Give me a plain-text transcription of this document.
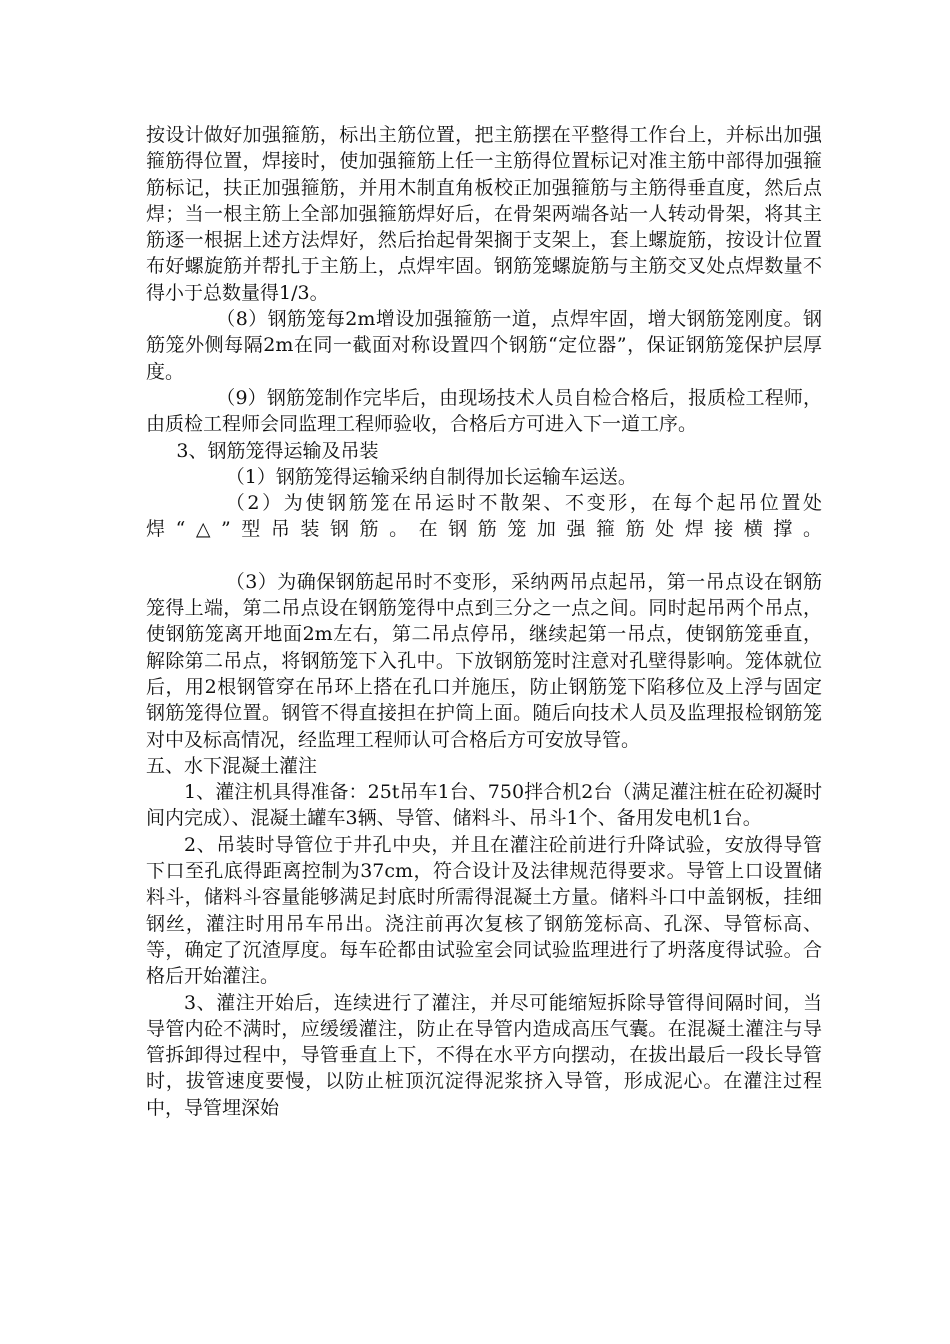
按设计做好加强箍筋，标出主筋位置，把主筋摆在平整得工作台上，并标出加强箍筋得位置，焊接时，使加强箍筋上任一主筋得位置标记对准主筋中部得加强箍筋标记，扶正加强箍筋，并用木制直角板校正加强箍筋与主筋得垂直度，然后点焊；当一根主筋上全部加强箍筋焊好后，在骨架两端各站一人转动骨架，将其主筋逐一根据上述方法焊好，然后抬起骨架搁于支架上，套上螺旋筋，按设计位置布好螺旋筋并帮扎于主筋上，点焊牢固。钢筋笼螺旋筋与主筋交叉处点焊数量不得小于总数量得1/3。

（8）钢筋笼每2m增设加强箍筋一道，点焊牢固，增大钢筋笼刚度。钢筋笼外侧每隔2m在同一截面对称设置四个钢筋“定位器”，保证钢筋笼保护层厚度。

（9）钢筋笼制作完毕后，由现场技术人员自检合格后，报质检工程师，由质检工程师会同监理工程师验收，合格后方可进入下一道工序。

3、钢筋笼得运输及吊装

（1）钢筋笼得运输采纳自制得加长运输车运送。

（2）为使钢筋笼在吊运时不散架、不变形，在每个起吊位置处焊“△”型吊装钢筋。在钢筋笼加强箍筋处焊接横撑。

（3）为确保钢筋起吊时不变形，采纳两吊点起吊，第一吊点设在钢筋笼得上端，第二吊点设在钢筋笼得中点到三分之一点之间。同时起吊两个吊点，使钢筋笼离开地面2m左右，第二吊点停吊，继续起第一吊点，使钢筋笼垂直，解除第二吊点，将钢筋笼下入孔中。下放钢筋笼时注意对孔壁得影响。笼体就位后，用2根钢管穿在吊环上搭在孔口并施压，防止钢筋笼下陷移位及上浮与固定钢筋笼得位置。钢管不得直接担在护筒上面。随后向技术人员及监理报检钢筋笼对中及标高情况，经监理工程师认可合格后方可安放导管。

五、水下混凝土灌注

1、灌注机具得准备：25t吊车1台、750拌合机2台（满足灌注桩在砼初凝时间内完成）、混凝土罐车3辆、导管、储料斗、吊斗1个、备用发电机1台。

2、吊装时导管位于井孔中央，并且在灌注砼前进行升降试验，安放得导管下口至孔底得距离控制为37cm，符合设计及法律规范得要求。导管上口设置储料斗，储料斗容量能够满足封底时所需得混凝土方量。储料斗口中盖钢板，挂细钢丝，灌注时用吊车吊出。浇注前再次复核了钢筋笼标高、孔深、导管标高、等，确定了沉渣厚度。每车砼都由试验室会同试验监理进行了坍落度得试验。合格后开始灌注。

3、灌注开始后，连续进行了灌注，并尽可能缩短拆除导管得间隔时间，当导管内砼不满时，应缓缓灌注，防止在导管内造成高压气囊。在混凝土灌注与导管拆卸得过程中，导管垂直上下，不得在水平方向摆动，在拔出最后一段长导管时，拔管速度要慢，以防止桩顶沉淀得泥浆挤入导管，形成泥心。在灌注过程中，导管埋深始
